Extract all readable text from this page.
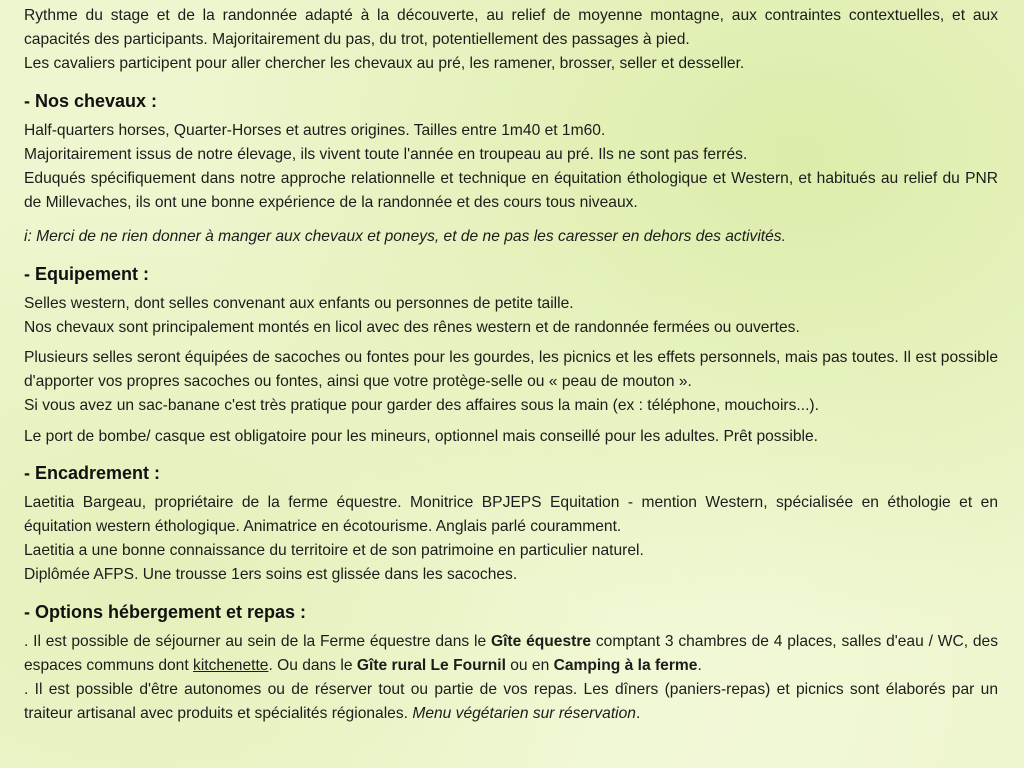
Rythme du stage et de la randonnée adapté à la découverte, au relief de moyenne montagne, aux contraintes contextuelles, et aux capacités des participants. Majoritairement du pas, du trot, potentiellement des passages à pied.

Les cavaliers participent pour aller chercher les chevaux au pré, les ramener, brosser, seller et desseller.

- Nos chevaux :

Half-quarters horses, Quarter-Horses et autres origines. Tailles entre 1m40 et 1m60.

Majoritairement issus de notre élevage, ils vivent toute l'année en troupeau au pré. Ils ne sont pas ferrés.

Eduqués spécifiquement dans notre approche relationnelle et technique en équitation éthologique et Western, et habitués au relief du PNR de Millevaches, ils ont une bonne expérience de la randonnée et des cours tous niveaux.

i: Merci de ne rien donner à manger aux chevaux et poneys, et de ne pas les caresser en dehors des activités.

- Equipement :

Selles western, dont selles convenant aux enfants ou personnes de petite taille.

Nos chevaux sont principalement montés en licol avec des rênes western et de randonnée fermées ou ouvertes.

Plusieurs selles seront équipées de sacoches ou fontes pour les gourdes, les picnics et les effets personnels, mais pas toutes. Il est possible d'apporter vos propres sacoches ou fontes, ainsi que votre protège-selle ou « peau de mouton ».

Si vous avez un sac-banane c'est très pratique pour garder des affaires sous la main (ex : téléphone, mouchoirs...).

Le port de bombe/ casque est obligatoire pour les mineurs, optionnel mais conseillé pour les adultes. Prêt possible.

- Encadrement :

Laetitia Bargeau, propriétaire de la ferme équestre. Monitrice BPJEPS Equitation - mention Western, spécialisée en éthologie et en équitation western éthologique. Animatrice en écotourisme. Anglais parlé couramment.

Laetitia a une bonne connaissance du territoire et de son patrimoine en particulier naturel.

Diplômée AFPS. Une trousse 1ers soins est glissée dans les sacoches.

- Options hébergement et repas :

. Il est possible de séjourner au sein de la Ferme équestre dans le Gîte équestre comptant 3 chambres de 4 places, salles d'eau / WC, des espaces communs dont kitchenette. Ou dans le Gîte rural Le Fournil ou en Camping à la ferme.

. Il est possible d'être autonomes ou de réserver tout ou partie de vos repas. Les dîners (paniers-repas) et picnics sont élaborés par un traiteur artisanal avec produits et spécialités régionales. Menu végétarien sur réservation.
